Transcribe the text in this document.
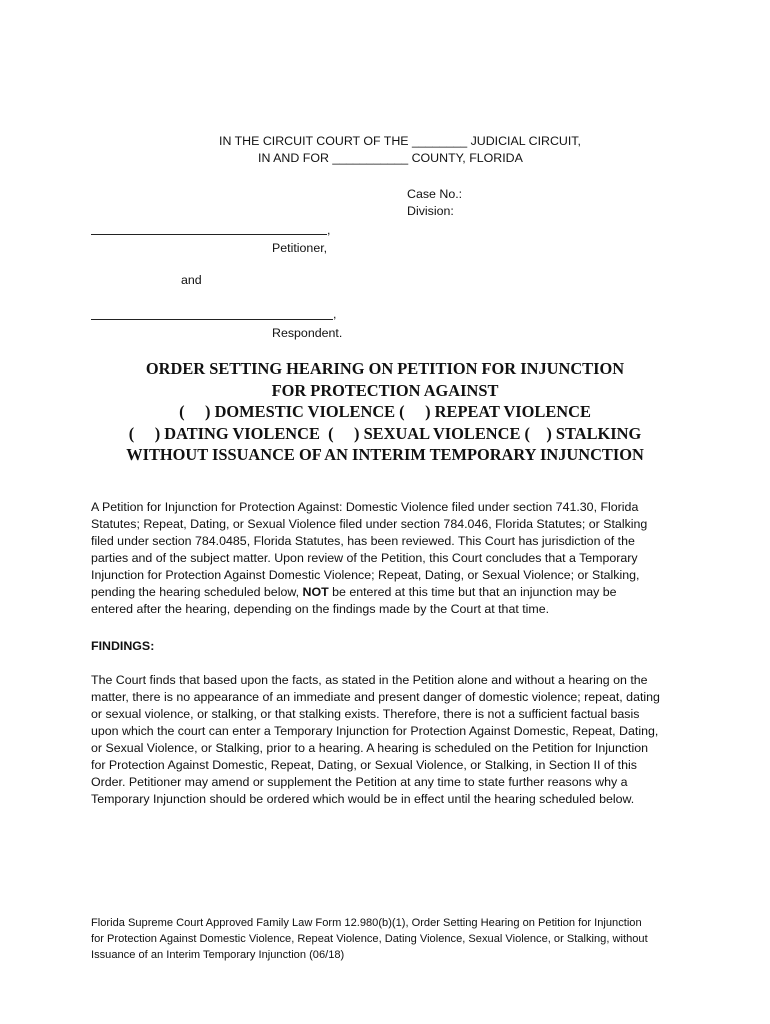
IN THE CIRCUIT COURT OF THE ________ JUDICIAL CIRCUIT,
IN AND FOR ___________ COUNTY, FLORIDA
Case No.:
Division:
,
Petitioner,
and
,
Respondent.
ORDER SETTING HEARING ON PETITION FOR INJUNCTION
FOR PROTECTION AGAINST
(     ) DOMESTIC VIOLENCE (     ) REPEAT VIOLENCE
(     ) DATING VIOLENCE  (     ) SEXUAL VIOLENCE (    ) STALKING
WITHOUT ISSUANCE OF AN INTERIM TEMPORARY INJUNCTION
A Petition for Injunction for Protection Against: Domestic Violence filed under section 741.30, Florida
Statutes; Repeat, Dating, or Sexual Violence filed under section 784.046, Florida Statutes; or Stalking
filed under section 784.0485, Florida Statutes, has been reviewed. This Court has jurisdiction of the
parties and of the subject matter. Upon review of the Petition, this Court concludes that a Temporary
Injunction for Protection Against Domestic Violence; Repeat, Dating, or Sexual Violence; or Stalking,
pending the hearing scheduled below, NOT be entered at this time but that an injunction may be
entered after the hearing, depending on the findings made by the Court at that time.
FINDINGS:
The Court finds that based upon the facts, as stated in the Petition alone and without a hearing on the
matter, there is no appearance of an immediate and present danger of domestic violence; repeat, dating
or sexual violence, or stalking, or that stalking exists. Therefore, there is not a sufficient factual basis
upon which the court can enter a Temporary Injunction for Protection Against Domestic, Repeat, Dating,
or Sexual Violence, or Stalking, prior to a hearing. A hearing is scheduled on the Petition for Injunction
for Protection Against Domestic, Repeat, Dating, or Sexual Violence, or Stalking, in Section II of this
Order. Petitioner may amend or supplement the Petition at any time to state further reasons why a
Temporary Injunction should be ordered which would be in effect until the hearing scheduled below.
Florida Supreme Court Approved Family Law Form 12.980(b)(1), Order Setting Hearing on Petition for Injunction
for Protection Against Domestic Violence, Repeat Violence, Dating Violence, Sexual Violence, or Stalking, without
Issuance of an Interim Temporary Injunction (06/18)
